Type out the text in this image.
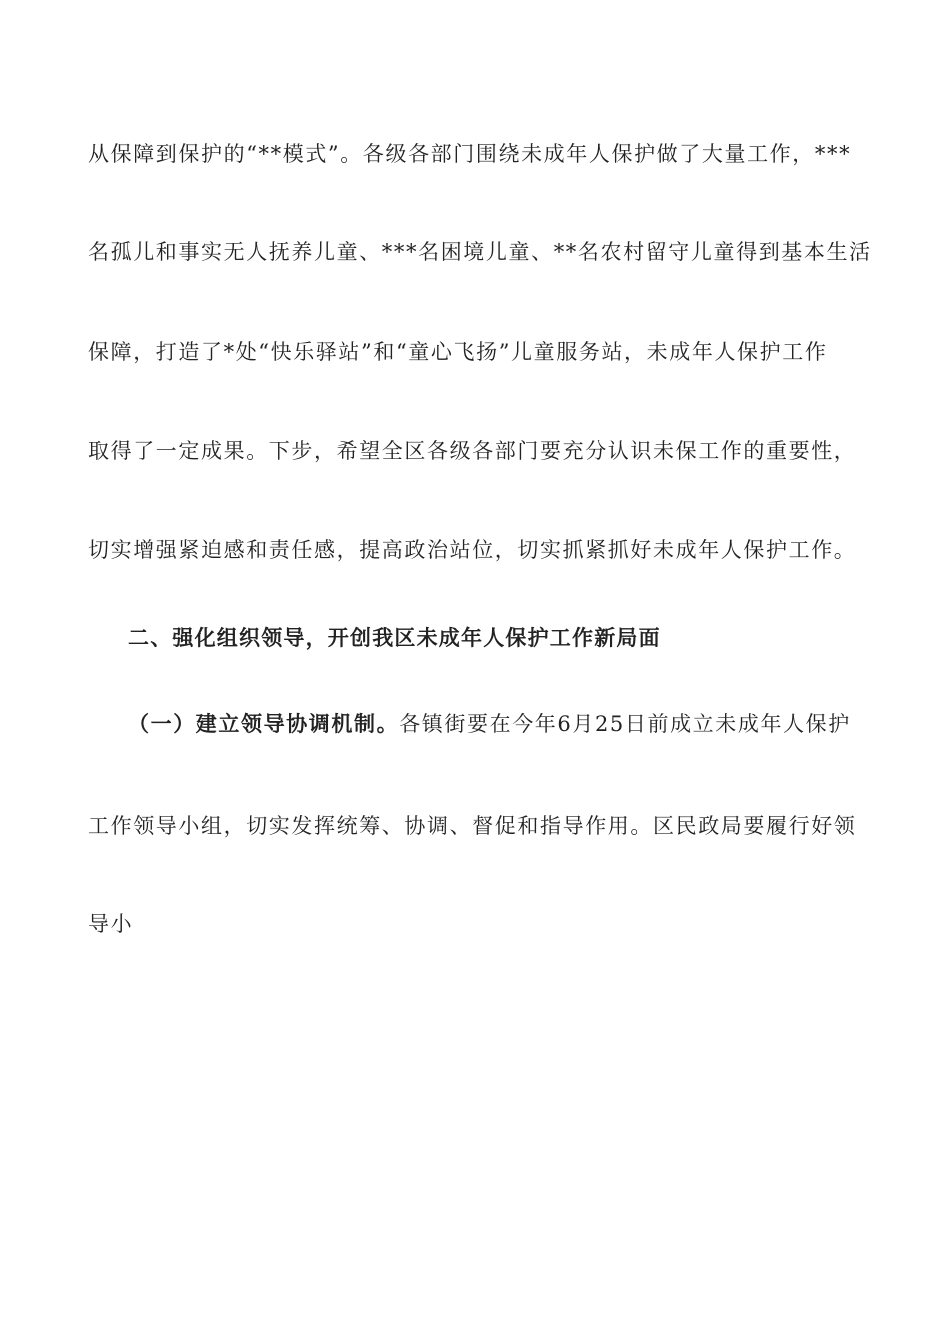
从保障到保护的“**模式”。各级各部门围绕未成年人保护做了大量工作，***
名孤儿和事实无人抚养儿童、***名困境儿童、**名农村留守儿童得到基本生活
保障，打造了*处“快乐驿站”和“童心飞扬”儿童服务站，未成年人保护工作
取得了一定成果。下步，希望全区各级各部门要充分认识未保工作的重要性，
切实增强紧迫感和责任感，提高政治站位，切实抓紧抓好未成年人保护工作。
二、强化组织领导，开创我区未成年人保护工作新局面
（一）建立领导协调机制。各镇街要在今年6月25日前成立未成年人保护
工作领导小组，切实发挥统筹、协调、督促和指导作用。区民政局要履行好领
导小
